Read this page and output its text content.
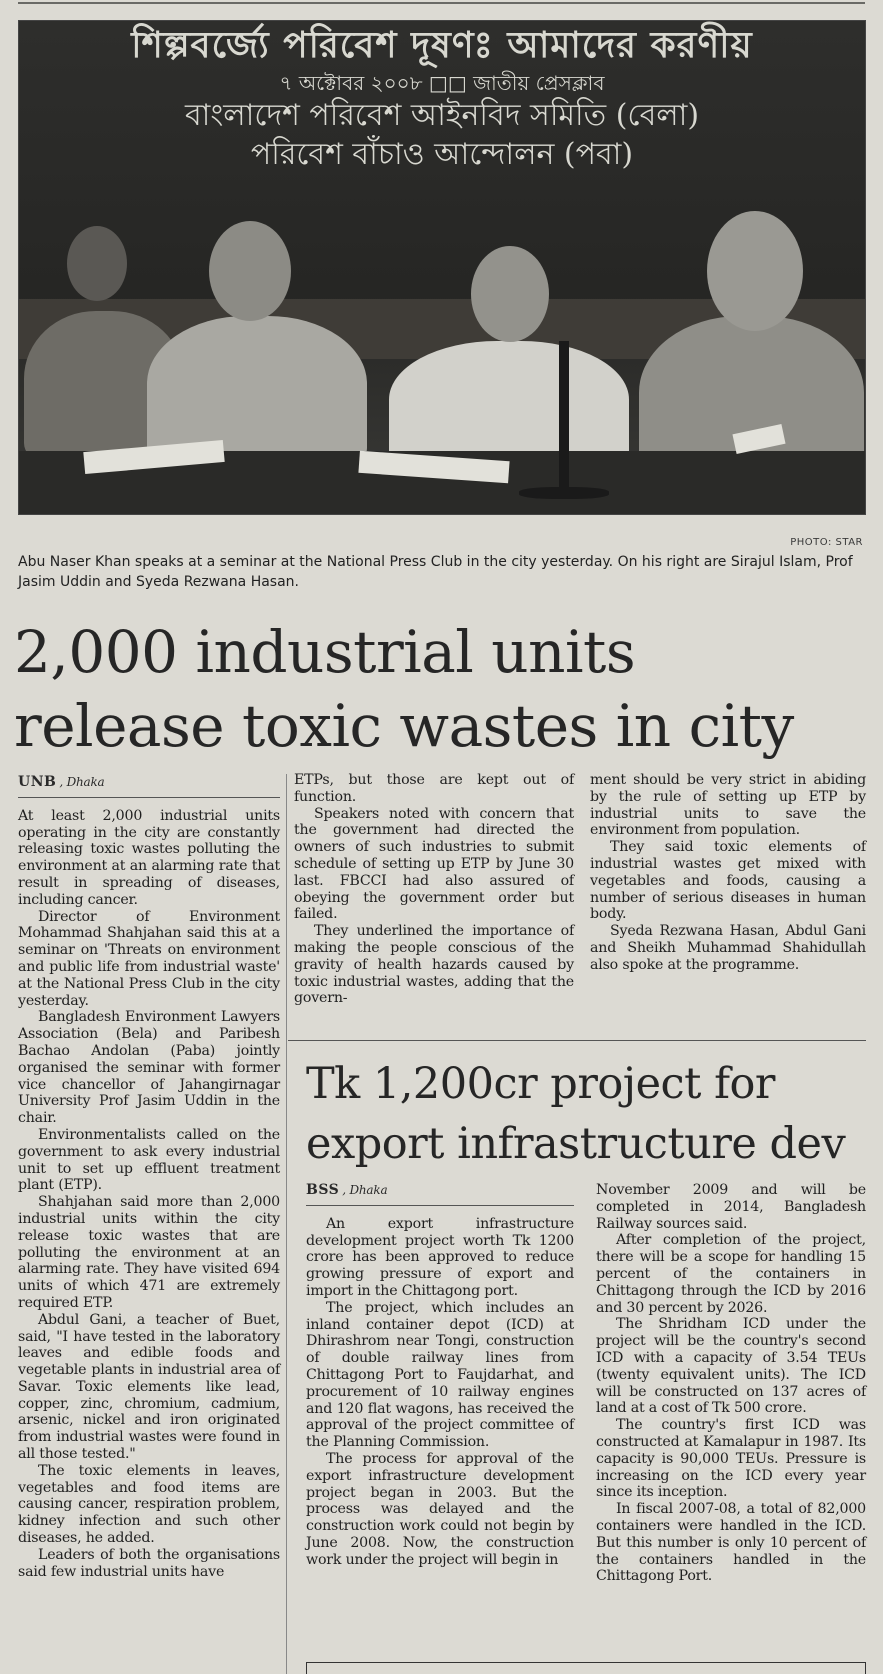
শিল্পবর্জ্যে পরিবেশ দূষণঃ আমাদের করণীয়
৭ অক্টোবর ২০০৮ □□ জাতীয় প্রেসক্লাব
বাংলাদেশ পরিবেশ আইনবিদ সমিতি (বেলা)
পরিবেশ বাঁচাও আন্দোলন (পবা)
PHOTO: STAR
Abu Naser Khan speaks at a seminar at the National Press Club in the city yesterday. On his right are Sirajul Islam, Prof Jasim Uddin and Syeda Rezwana Hasan.
2,000 industrial units
release toxic wastes in city
UNB , Dhaka

At least 2,000 industrial units operating in the city are constantly releasing toxic wastes polluting the environment at an alarming rate that result in spreading of diseases, including cancer.

Director of Environment Mohammad Shahjahan said this at a seminar on 'Threats on environment and public life from industrial waste' at the National Press Club in the city yesterday.

Bangladesh Environment Lawyers Association (Bela) and Paribesh Bachao Andolan (Paba) jointly organised the seminar with former vice chancellor of Jahangirnagar University Prof Jasim Uddin in the chair.

Environmentalists called on the government to ask every industrial unit to set up effluent treatment plant (ETP).

Shahjahan said more than 2,000 industrial units within the city release toxic wastes that are polluting the environment at an alarming rate. They have visited 694 units of which 471 are extremely required ETP.

Abdul Gani, a teacher of Buet, said, "I have tested in the laboratory leaves and edible foods and vegetable plants in industrial area of Savar. Toxic elements like lead, copper, zinc, chromium, cadmium, arsenic, nickel and iron originated from industrial wastes were found in all those tested."

The toxic elements in leaves, vegetables and food items are causing cancer, respiration problem, kidney infection and such other diseases, he added.

Leaders of both the organisations said few industrial units have

ETPs, but those are kept out of function.

Speakers noted with concern that the government had directed the owners of such industries to submit schedule of setting up ETP by June 30 last. FBCCI had also assured of obeying the government order but failed.

They underlined the importance of making the people conscious of the gravity of health hazards caused by toxic industrial wastes, adding that the govern-

ment should be very strict in abiding by the rule of setting up ETP by industrial units to save the environment from population.

They said toxic elements of industrial wastes get mixed with vegetables and foods, causing a number of serious diseases in human body.

Syeda Rezwana Hasan, Abdul Gani and Sheikh Muhammad Shahidullah also spoke at the programme.

Tk 1,200cr project for
export infrastructure dev
BSS , Dhaka

An export infrastructure development project worth Tk 1200 crore has been approved to reduce growing pressure of export and import in the Chittagong port.

The project, which includes an inland container depot (ICD) at Dhirashrom near Tongi, construction of double railway lines from Chittagong Port to Faujdarhat, and procurement of 10 railway engines and 120 flat wagons, has received the approval of the project committee of the Planning Commission.

The process for approval of the export infrastructure development project began in 2003. But the process was delayed and the construction work could not begin by June 2008. Now, the construction work under the project will begin in

November 2009 and will be completed in 2014, Bangladesh Railway sources said.

After completion of the project, there will be a scope for handling 15 percent of the containers in Chittagong through the ICD by 2016 and 30 percent by 2026.

The Shridham ICD under the project will be the country's second ICD with a capacity of 3.54 TEUs (twenty equivalent units). The ICD will be constructed on 137 acres of land at a cost of Tk 500 crore.

The country's first ICD was constructed at Kamalapur in 1987. Its capacity is 90,000 TEUs. Pressure is increasing on the ICD every year since its inception.

In fiscal 2007-08, a total of 82,000 containers were handled in the ICD. But this number is only 10 percent of the containers handled in the Chittagong Port.
